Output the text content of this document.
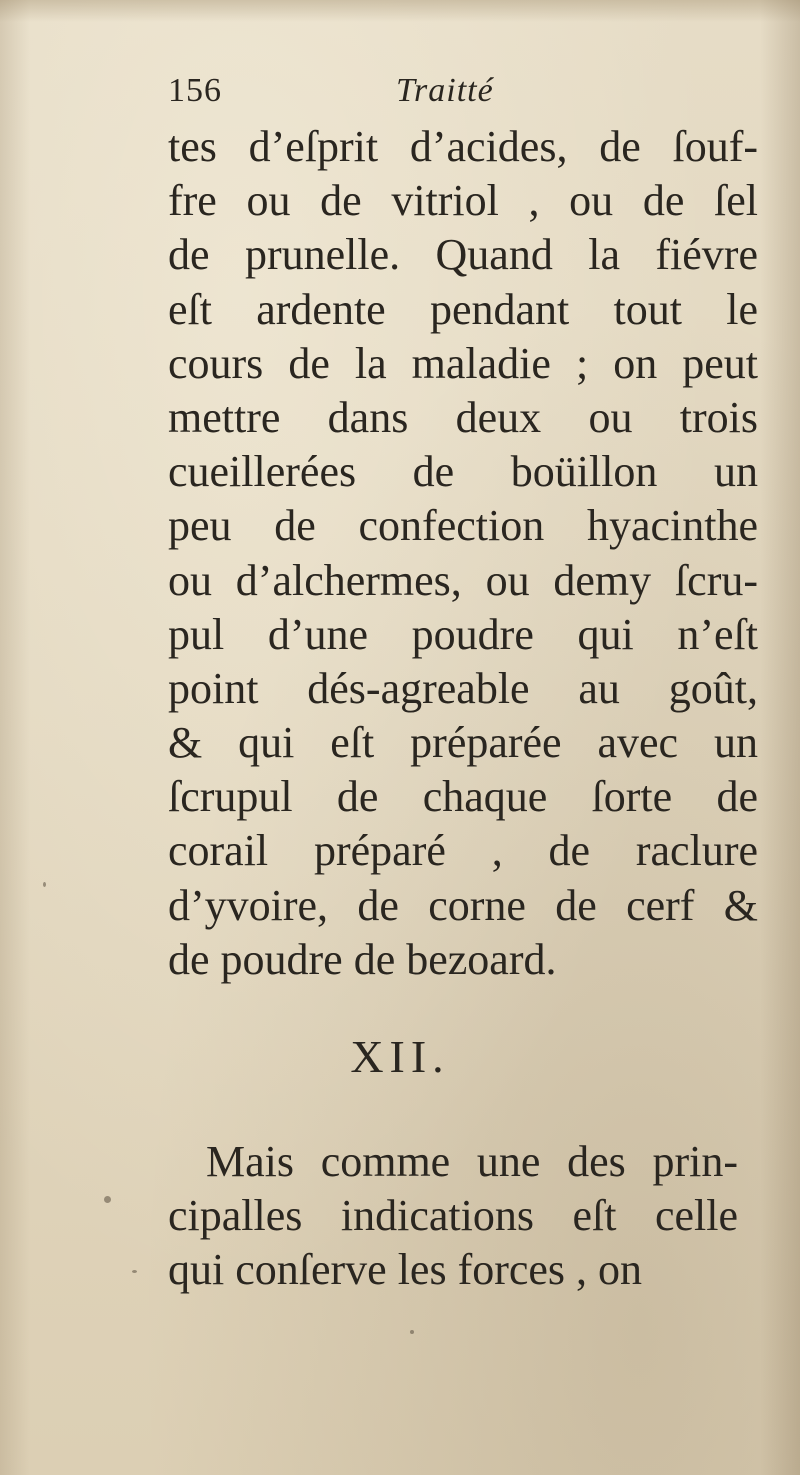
156	Traitté
tes d’eſprit d’acides, de ſouf-
fre ou de vitriol , ou de ſel
de prunelle. Quand la fiévre
eſt ardente pendant tout le
cours de la maladie ; on peut
mettre dans deux ou trois
cueillerées de boüillon un
peu de confection hyacinthe
ou d’alchermes, ou demy ſcru-
pul d’une poudre qui n’eſt
point dés-agreable au goût,
& qui eſt préparée avec un
ſcrupul de chaque ſorte de
corail préparé , de raclure
d’yvoire, de corne de cerf &
de poudre de bezoard.
XII.
Mais comme une des prin-
cipalles indications eſt celle
qui conſerve les forces , on
